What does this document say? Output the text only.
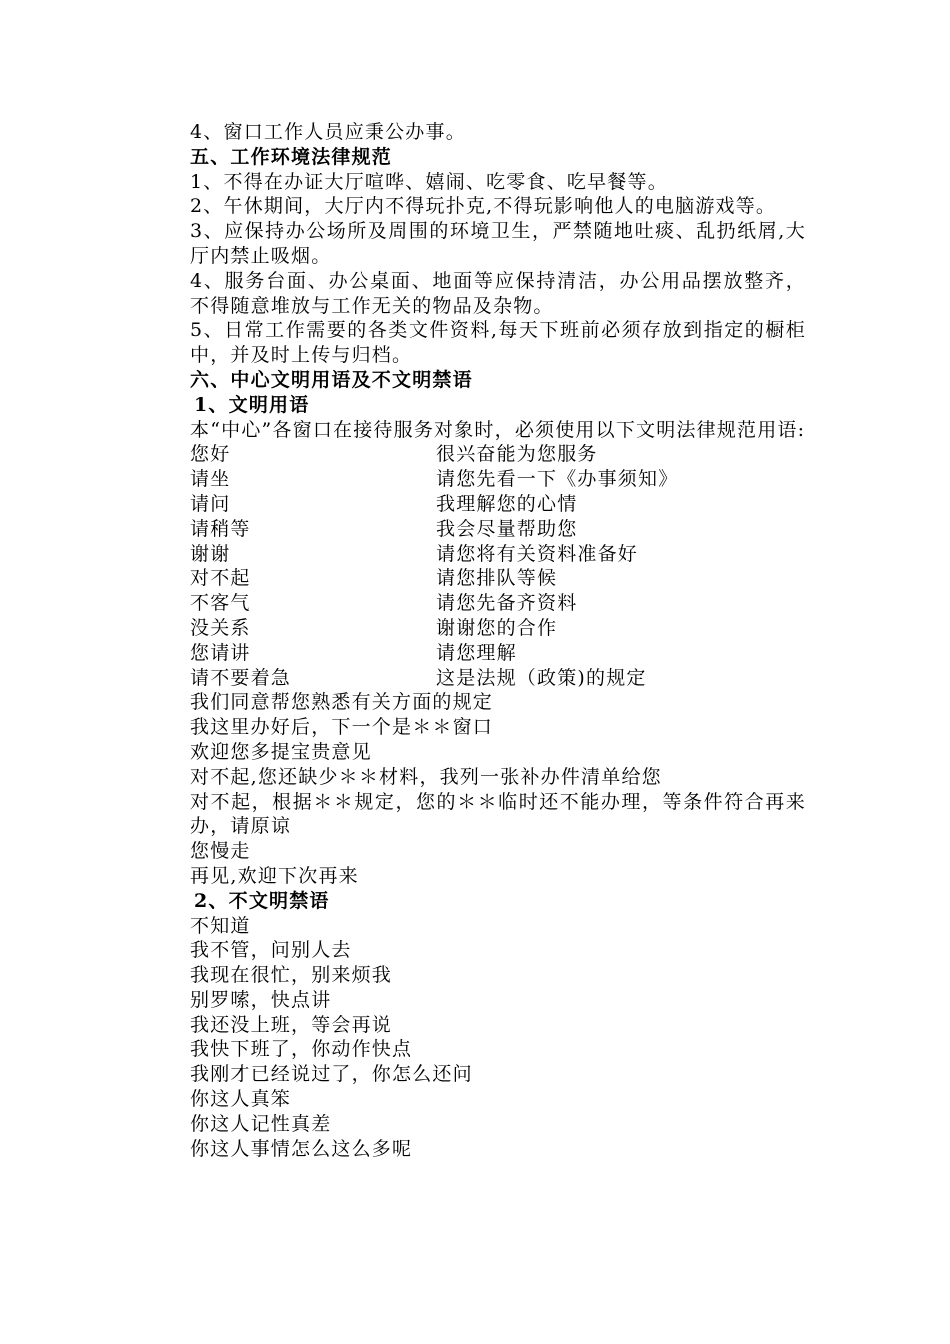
4、窗口工作人员应秉公办事。
五、工作环境法律规范
1、不得在办证大厅喧哗、嬉闹、吃零食、吃早餐等。
2、午休期间，大厅内不得玩扑克,不得玩影响他人的电脑游戏等。
3、应保持办公场所及周围的环境卫生，严禁随地吐痰、乱扔纸屑,大厅内禁止吸烟。
4、服务台面、办公桌面、地面等应保持清洁，办公用品摆放整齐，不得随意堆放与工作无关的物品及杂物。
5、日常工作需要的各类文件资料,每天下班前必须存放到指定的橱柜中，并及时上传与归档。
六、中心文明用语及不文明禁语
1、文明用语
本“中心”各窗口在接待服务对象时，必须使用以下文明法律规范用语:
您好	很兴奋能为您服务
请坐	请您先看一下《办事须知》
请问	我理解您的心情
请稍等	我会尽量帮助您
谢谢	请您将有关资料准备好
对不起	请您排队等候
不客气	请您先备齐资料
没关系	谢谢您的合作
您请讲	请您理解
请不要着急	这是法规（政策)的规定
我们同意帮您熟悉有关方面的规定
我这里办好后，下一个是＊＊窗口
欢迎您多提宝贵意见
对不起,您还缺少＊＊材料，我列一张补办件清单给您
对不起，根据＊＊规定，您的＊＊临时还不能办理，等条件符合再来办，请原谅
您慢走
再见,欢迎下次再来
2、不文明禁语
不知道
我不管，问别人去
我现在很忙，别来烦我
别罗嗦，快点讲
我还没上班，等会再说
我快下班了，你动作快点
我刚才已经说过了，你怎么还问
你这人真笨
你这人记性真差
你这人事情怎么这么多呢
